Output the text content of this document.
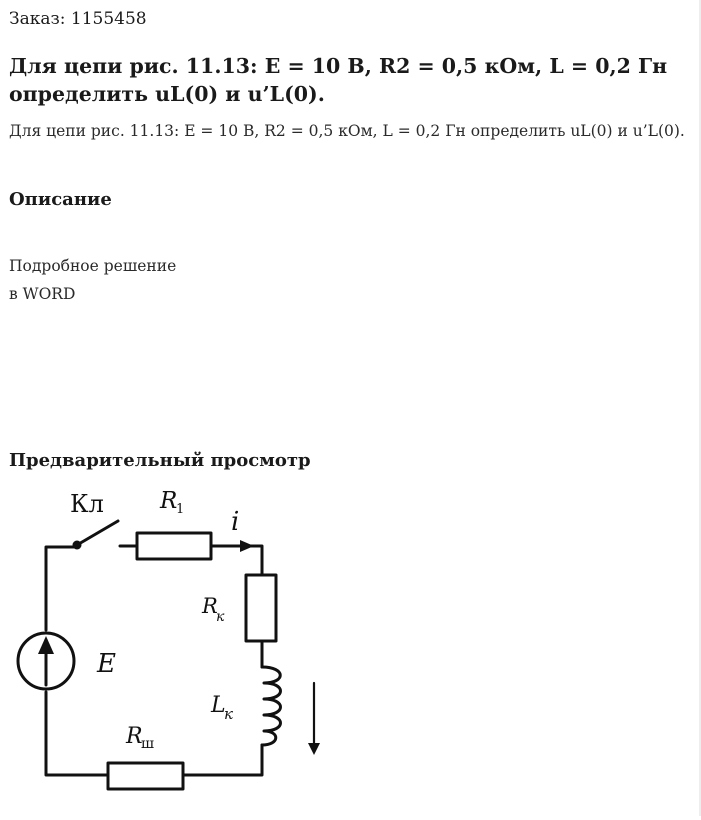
Заказ: 1155458
Для цепи рис. 11.13: E = 10 В, R2 = 0,5 кОм, L = 0,2 Гн определить uL(0) и u’L(0).
Для цепи рис. 11.13: E = 10 В, R2 = 0,5 кОм, L = 0,2 Гн определить uL(0) и u’L(0).
Описание
Подробное решение
в WORD
Предварительный просмотр
Кл R
1 i
R
к
E
L
к
R
ш
